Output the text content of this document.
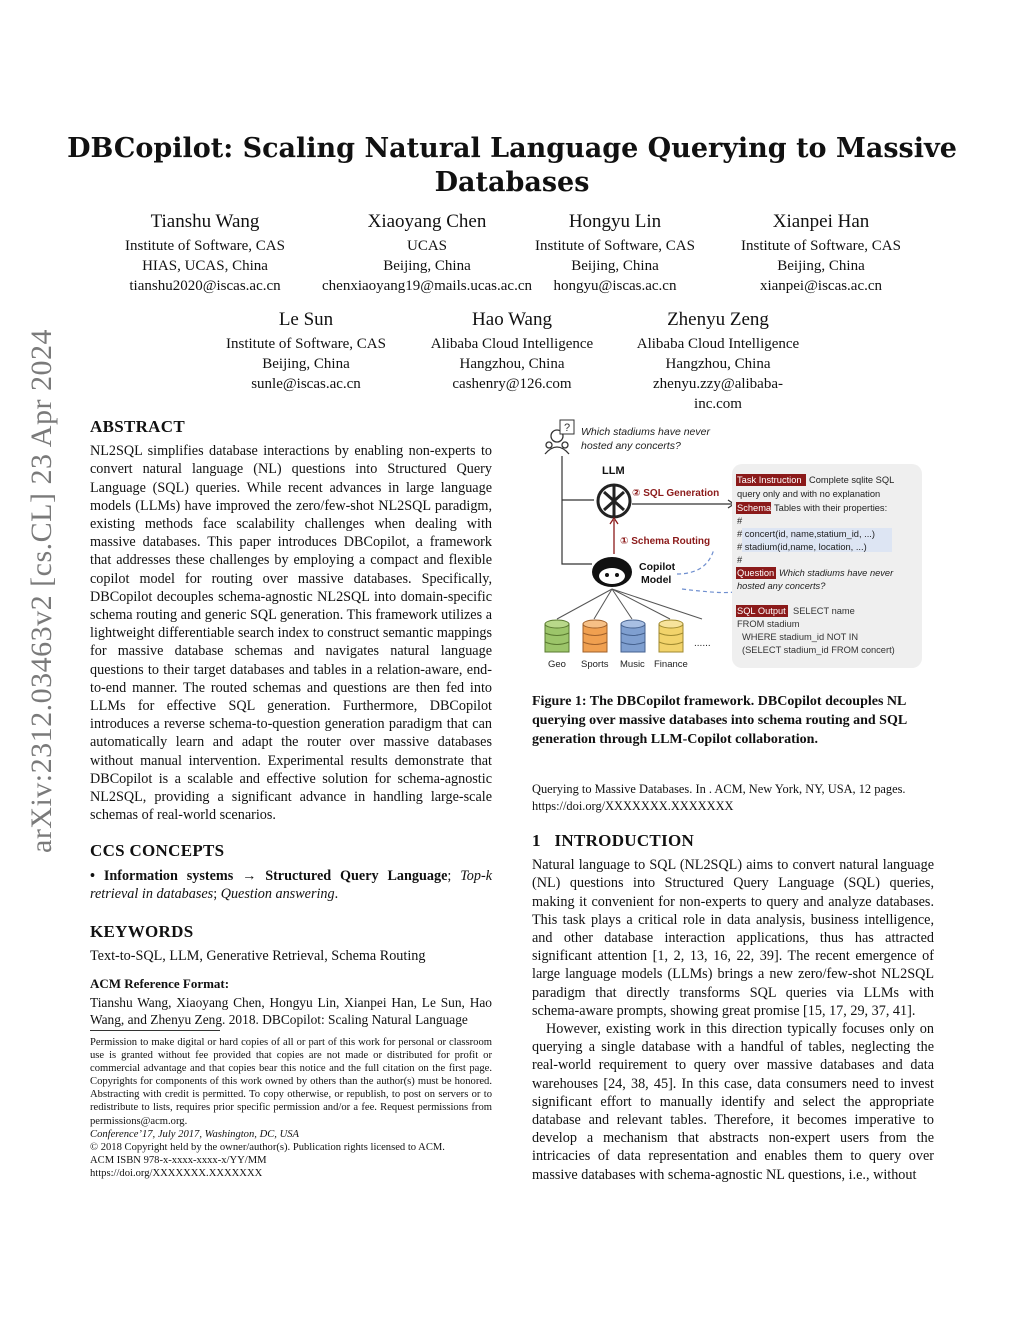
arXiv:2312.03463v2 [cs.CL] 23 Apr 2024
DBCopilot: Scaling Natural Language Querying to Massive
Databases
Tianshu Wang
Institute of Software, CAS
HIAS, UCAS, China
tianshu2020@iscas.ac.cn
Xiaoyang Chen
UCAS
Beijing, China
chenxiaoyang19@mails.ucas.ac.cn
Hongyu Lin
Institute of Software, CAS
Beijing, China
hongyu@iscas.ac.cn
Xianpei Han
Institute of Software, CAS
Beijing, China
xianpei@iscas.ac.cn
Le Sun
Institute of Software, CAS
Beijing, China
sunle@iscas.ac.cn
Hao Wang
Alibaba Cloud Intelligence
Hangzhou, China
cashenry@126.com
Zhenyu Zeng
Alibaba Cloud Intelligence
Hangzhou, China
zhenyu.zzy@alibaba-
inc.com
ABSTRACT

NL2SQL simplifies database interactions by enabling non-experts to convert natural language (NL) questions into Structured Query Language (SQL) queries. While recent advances in large language models (LLMs) have improved the zero/few-shot NL2SQL paradigm, existing methods face scalability challenges when dealing with massive databases. This paper introduces DBCopilot, a framework that addresses these challenges by employing a compact and flexible copilot model for routing over massive databases. Specifically, DBCopilot decouples schema-agnostic NL2SQL into domain-specific schema routing and generic SQL generation. This framework utilizes a lightweight differentiable search index to construct semantic mappings for massive database schemas and navigates natural language questions to their target databases and tables in a relation-aware, end-to-end manner. The routed schemas and questions are then fed into LLMs for effective SQL generation. Furthermore, DBCopilot introduces a reverse schema-to-question generation paradigm that can automatically learn and adapt the router over massive databases without manual intervention. Experimental results demonstrate that DBCopilot is a scalable and effective solution for schema-agnostic NL2SQL, providing a significant advance in handling large-scale schemas of real-world scenarios.

CCS CONCEPTS

• Information systems → Structured Query Language; Top-k retrieval in databases; Question answering.

KEYWORDS

Text-to-SQL, LLM, Generative Retrieval, Schema Routing

ACM Reference Format:

Tianshu Wang, Xiaoyang Chen, Hongyu Lin, Xianpei Han, Le Sun, Hao Wang, and Zhenyu Zeng. 2018. DBCopilot: Scaling Natural Language

Permission to make digital or hard copies of all or part of this work for personal or classroom use is granted without fee provided that copies are not made or distributed for profit or commercial advantage and that copies bear this notice and the full citation on the first page. Copyrights for components of this work owned by others than the author(s) must be honored. Abstracting with credit is permitted. To copy otherwise, or republish, to post on servers or to redistribute to lists, requires prior specific permission and/or a fee. Request permissions from permissions@acm.org.

Conference’17, July 2017, Washington, DC, USA

© 2018 Copyright held by the owner/author(s). Publication rights licensed to ACM.

ACM ISBN 978-x-xxxx-xxxx-x/YY/MM

https://doi.org/XXXXXXX.XXXXXXX

? Which stadiums have never
hosted any concerts?
LLM
② SQL Generation
① Schema Routing
Copilot
Model
Geo Sports Music Finance
......
Task Instruction Complete sqlite SQL
query only and with no explanation
Schema Tables with their properties:
#
# concert(id, name,statium_id, ...)
# stadium(id,name, location, ...)
#
Question Which stadiums have never
hosted any concerts?
SQL Output SELECT name
FROM stadium
WHERE stadium_id NOT IN
(SELECT stadium_id FROM concert)
Figure 1: The DBCopilot framework. DBCopilot decouples NL querying over massive databases into schema routing and SQL generation through LLM-Copilot collaboration.
Querying to Massive Databases. In . ACM, New York, NY, USA, 12 pages.
https://doi.org/XXXXXXX.XXXXXXX
1 INTRODUCTION

Natural language to SQL (NL2SQL) aims to convert natural language (NL) questions into Structured Query Language (SQL) queries, making it convenient for non-experts to query and analyze databases. This task plays a critical role in data analysis, business intelligence, and other database interaction applications, thus has attracted significant attention [1, 2, 13, 16, 22, 39]. The recent emergence of large language models (LLMs) brings a new zero/few-shot NL2SQL paradigm that directly transforms SQL queries via LLMs with schema-aware prompts, showing great promise [15, 17, 29, 37, 41].

However, existing work in this direction typically focuses only on querying a single database with a handful of tables, neglecting the real-world requirement to query over massive databases and data warehouses [24, 38, 45]. In this case, data consumers need to invest significant effort to manually identify and select the appropriate database and relevant tables. Therefore, it becomes imperative to develop a mechanism that abstracts non-expert users from the intricacies of data representation and enables them to query over massive databases with schema-agnostic NL questions, i.e., without
